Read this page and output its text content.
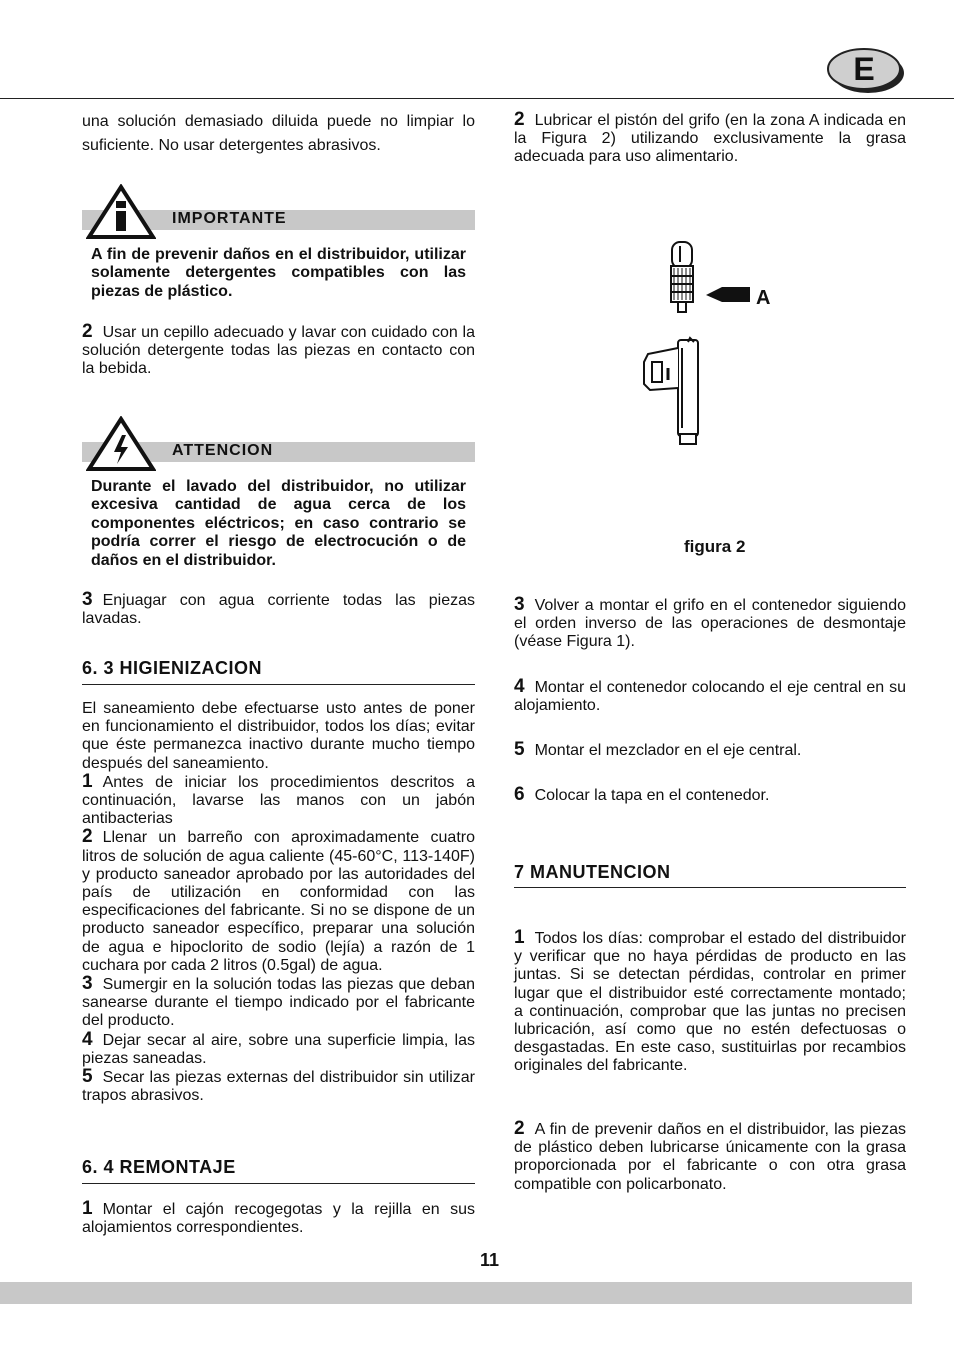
E

una solución demasiado diluida puede no limpiar lo suficiente. No usar detergentes abrasivos.

IMPORTANTE
A fin de prevenir daños en el distribuidor, utilizar solamente detergentes compatibles con las piezas de plástico.

2 Usar un cepillo adecuado y lavar con cuidado con la solución detergente todas las piezas en contacto con la bebida.

ATTENCION
Durante el lavado del distribuidor, no utilizar excesiva cantidad de agua cerca de los componentes eléctricos; en caso contrario se podría correr el riesgo de electrocución o de daños en el distribuidor.

3 Enjuagar con agua corriente todas las piezas lavadas.

6. 3 HIGIENIZACION

El saneamiento debe efectuarse usto antes de poner en funcionamiento el distribuidor, todos los días; evitar que éste permanezca inactivo durante mucho tiempo después del saneamiento.

1 Antes de iniciar los procedimientos descritos a continuación, lavarse las manos con un jabón antibacterias

2 Llenar un barreño con aproximadamente cuatro litros de solución de agua caliente (45-60°C, 113-140F) y producto saneador aprobado por las autoridades del país de utilización en conformidad con las especificaciones del fabricante. Si no se dispone de un producto saneador específico, preparar una solución de agua e hipoclorito de sodio (lejía) a razón de 1 cuchara por cada 2 litros (0.5gal) de agua.

3 Sumergir en la solución todas las piezas que deban sanearse durante el tiempo indicado por el fabricante del producto.

4 Dejar secar al aire, sobre una superficie limpia, las piezas saneadas.

5 Secar las piezas externas del distribuidor sin utilizar trapos abrasivos.

6. 4 REMONTAJE

1 Montar el cajón recogegotas y la rejilla en sus alojamientos correspondientes.

2 Lubricar el pistón del grifo (en la zona A indicada en la Figura 2) utilizando exclusivamente la grasa adecuada para uso alimentario.

A
figura 2

3 Volver a montar el grifo en el contenedor siguiendo el orden inverso de las operaciones de desmontaje (véase Figura 1).

4 Montar el contenedor colocando el eje central en su alojamiento.

5 Montar el mezclador en el eje central.

6 Colocar la tapa en el contenedor.

7 MANUTENCION

1 Todos los días: comprobar el estado del distribuidor y verificar que no haya pérdidas de producto en las juntas. Si se detectan pérdidas, controlar en primer lugar que el distribuidor esté correctamente montado; a continuación, comprobar que las juntas no precisen lubricación, así como que no estén defectuosas o desgastadas. En este caso, sustituirlas por recambios originales del fabricante.

2 A fin de prevenir daños en el distribuidor, las piezas de plástico deben lubricarse únicamente con la grasa proporcionada por el fabricante o con otra grasa compatible con policarbonato.

11
